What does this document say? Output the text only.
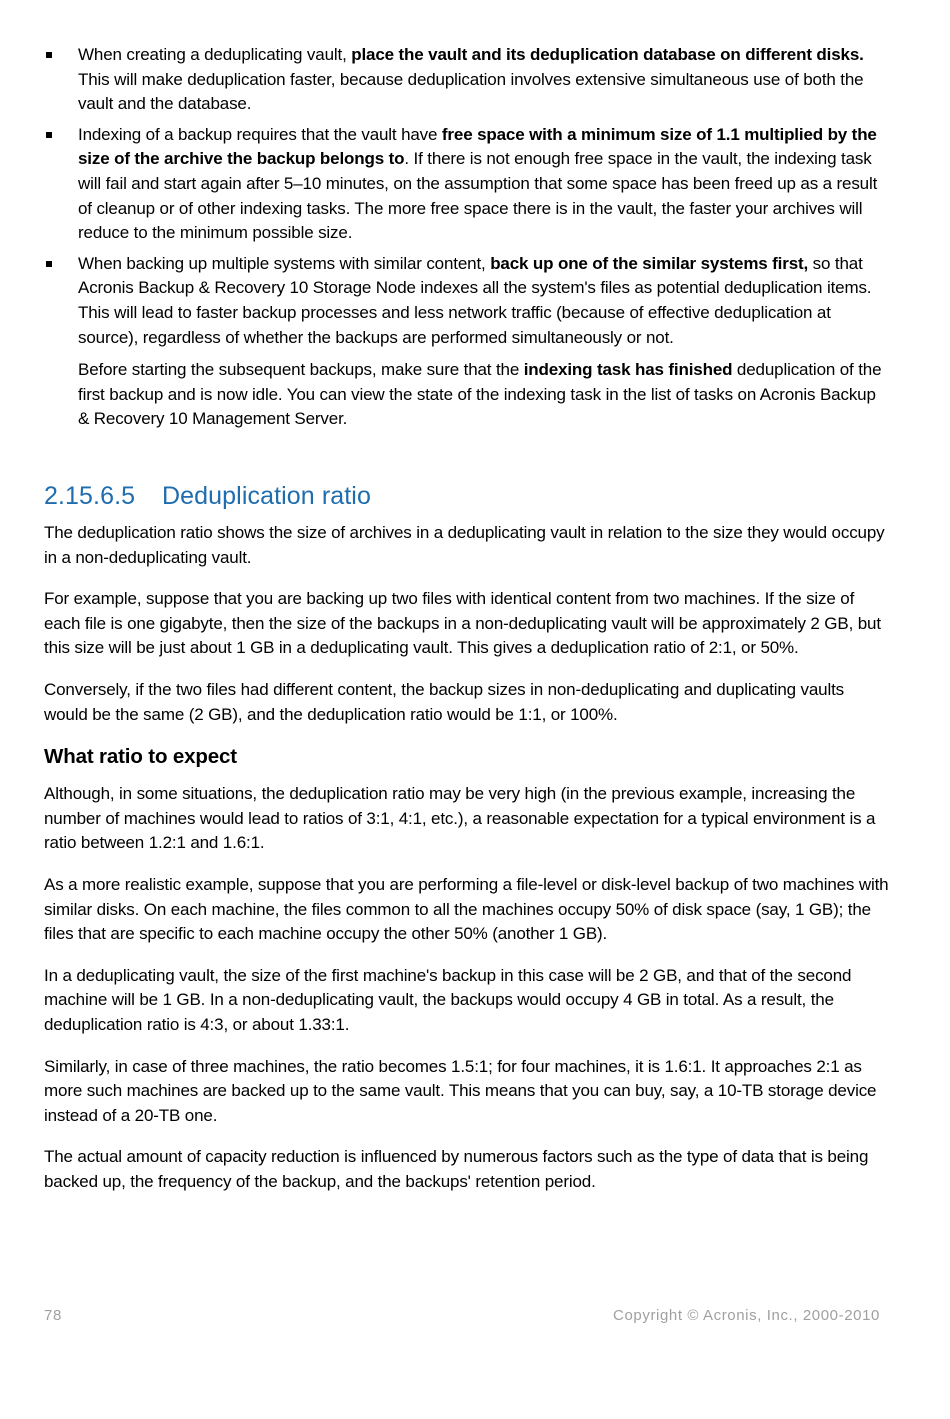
When creating a deduplicating vault, place the vault and its deduplication database on different disks. This will make deduplication faster, because deduplication involves extensive simultaneous use of both the vault and the database.
Indexing of a backup requires that the vault have free space with a minimum size of 1.1 multiplied by the size of the archive the backup belongs to. If there is not enough free space in the vault, the indexing task will fail and start again after 5–10 minutes, on the assumption that some space has been freed up as a result of cleanup or of other indexing tasks. The more free space there is in the vault, the faster your archives will reduce to the minimum possible size.
When backing up multiple systems with similar content, back up one of the similar systems first, so that Acronis Backup & Recovery 10 Storage Node indexes all the system's files as potential deduplication items. This will lead to faster backup processes and less network traffic (because of effective deduplication at source), regardless of whether the backups are performed simultaneously or not.
Before starting the subsequent backups, make sure that the indexing task has finished deduplication of the first backup and is now idle. You can view the state of the indexing task in the list of tasks on Acronis Backup & Recovery 10 Management Server.
2.15.6.5 Deduplication ratio

The deduplication ratio shows the size of archives in a deduplicating vault in relation to the size they would occupy in a non-deduplicating vault.

For example, suppose that you are backing up two files with identical content from two machines. If the size of each file is one gigabyte, then the size of the backups in a non-deduplicating vault will be approximately 2 GB, but this size will be just about 1 GB in a deduplicating vault. This gives a deduplication ratio of 2:1, or 50%.

Conversely, if the two files had different content, the backup sizes in non-deduplicating and duplicating vaults would be the same (2 GB), and the deduplication ratio would be 1:1, or 100%.

What ratio to expect

Although, in some situations, the deduplication ratio may be very high (in the previous example, increasing the number of machines would lead to ratios of 3:1, 4:1, etc.), a reasonable expectation for a typical environment is a ratio between 1.2:1 and 1.6:1.

As a more realistic example, suppose that you are performing a file-level or disk-level backup of two machines with similar disks. On each machine, the files common to all the machines occupy 50% of disk space (say, 1 GB); the files that are specific to each machine occupy the other 50% (another 1 GB).

In a deduplicating vault, the size of the first machine's backup in this case will be 2 GB, and that of the second machine will be 1 GB. In a non-deduplicating vault, the backups would occupy 4 GB in total. As a result, the deduplication ratio is 4:3, or about 1.33:1.

Similarly, in case of three machines, the ratio becomes 1.5:1; for four machines, it is 1.6:1. It approaches 2:1 as more such machines are backed up to the same vault. This means that you can buy, say, a 10-TB storage device instead of a 20-TB one.

The actual amount of capacity reduction is influenced by numerous factors such as the type of data that is being backed up, the frequency of the backup, and the backups' retention period.

78	Copyright © Acronis, Inc., 2000-2010
